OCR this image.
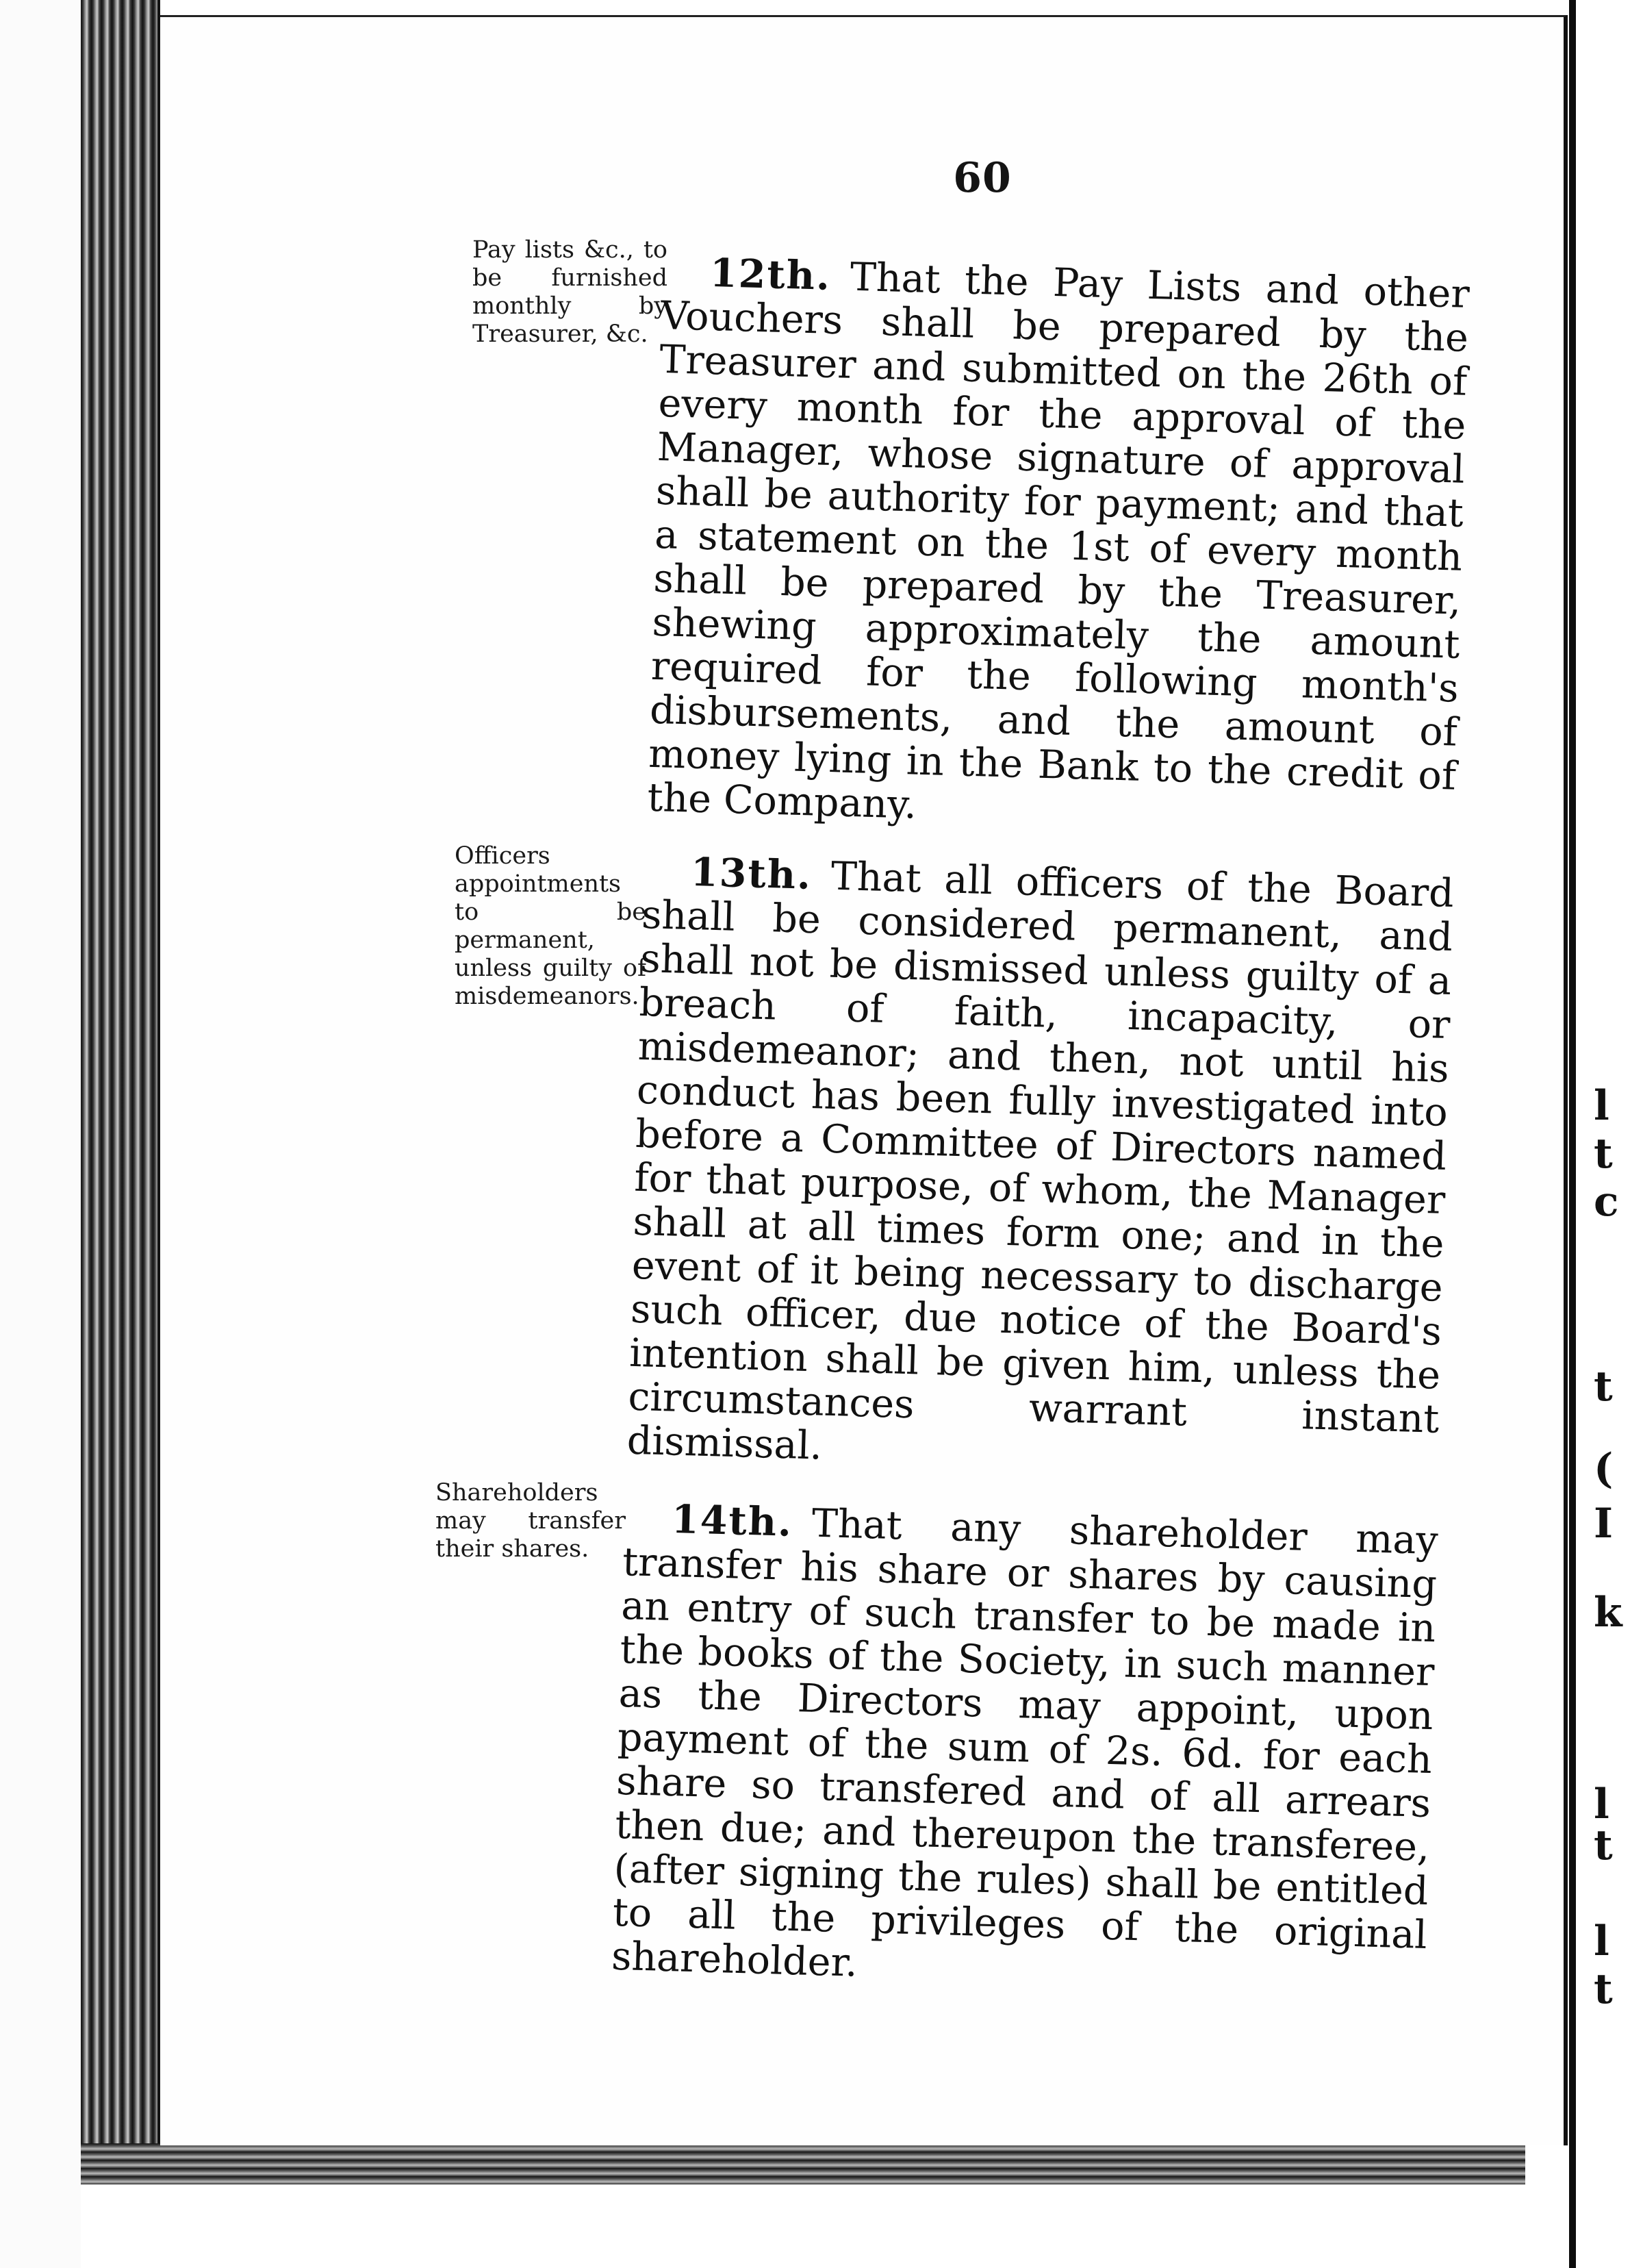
l
t
c
t
(
I
k
l
t
l
t
60
Pay lists &c., to be furnished monthly by Treasurer, &c.

12th. That the Pay Lists and other Vouchers shall be prepared by the Treasurer and submitted on the 26th of every month for the approval of the Manager, whose signature of approval shall be authority for payment; and that a statement on the 1st of every month shall be prepared by the Treasurer, shewing approximately the amount required for the following month's disbursements, and the amount of money lying in the Bank to the credit of the Company.

Officers appointments to be permanent, unless guilty of misdemeanors.

13th. That all officers of the Board shall be considered permanent, and shall not be dismissed unless guilty of a breach of faith, incapacity, or misdemeanor; and then, not until his conduct has been fully investigated into before a Committee of Directors named for that purpose, of whom, the Manager shall at all times form one; and in the event of it being necessary to discharge such officer, due notice of the Board's intention shall be given him, unless the circumstances warrant instant dismissal.

Shareholders may transfer their shares.

14th. That any shareholder may transfer his share or shares by causing an entry of such transfer to be made in the books of the Society, in such manner as the Directors may appoint, upon payment of the sum of 2s. 6d. for each share so transfered and of all arrears then due; and thereupon the transferee, (after signing the rules) shall be entitled to all the privileges of the original shareholder.
